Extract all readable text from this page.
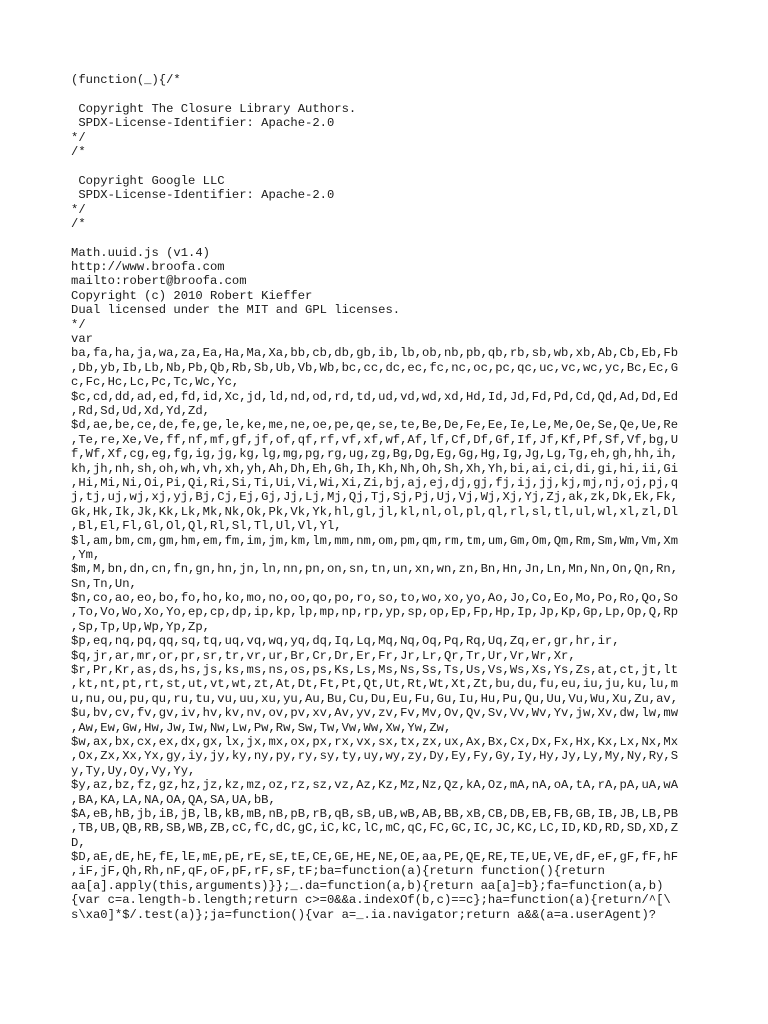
(function(_){/*
Copyright The Closure Library Authors.
SPDX-License-Identifier: Apache-2.0
*/
/*
Copyright Google LLC
SPDX-License-Identifier: Apache-2.0
*/
/*
Math.uuid.js (v1.4)
http://www.broofa.com
mailto:robert@broofa.com
Copyright (c) 2010 Robert Kieffer
Dual licensed under the MIT and GPL licenses.
*/
var
ba,fa,ha,ja,wa,za,Ea,Ha,Ma,Xa,bb,cb,db,gb,ib,lb,ob,nb,pb,qb,rb,sb,wb,xb,Ab,Cb,Eb,Fb
,Db,yb,Ib,Lb,Nb,Pb,Qb,Rb,Sb,Ub,Vb,Wb,bc,cc,dc,ec,fc,nc,oc,pc,qc,uc,vc,wc,yc,Bc,Ec,G
c,Fc,Hc,Lc,Pc,Tc,Wc,Yc,
$c,cd,dd,ad,ed,fd,id,Xc,jd,ld,nd,od,rd,td,ud,vd,wd,xd,Hd,Id,Jd,Fd,Pd,Cd,Qd,Ad,Dd,Ed
,Rd,Sd,Ud,Xd,Yd,Zd,
$d,ae,be,ce,de,fe,ge,le,ke,me,ne,oe,pe,qe,se,te,Be,De,Fe,Ee,Ie,Le,Me,Oe,Se,Qe,Ue,Re
,Te,re,Xe,Ve,ff,nf,mf,gf,jf,of,qf,rf,vf,xf,wf,Af,lf,Cf,Df,Gf,If,Jf,Kf,Pf,Sf,Vf,bg,U
f,Wf,Xf,cg,eg,fg,ig,jg,kg,lg,mg,pg,rg,ug,zg,Bg,Dg,Eg,Gg,Hg,Ig,Jg,Lg,Tg,eh,gh,hh,ih,
kh,jh,nh,sh,oh,wh,vh,xh,yh,Ah,Dh,Eh,Gh,Ih,Kh,Nh,Oh,Sh,Xh,Yh,bi,ai,ci,di,gi,hi,ii,Gi
,Hi,Mi,Ni,Oi,Pi,Qi,Ri,Si,Ti,Ui,Vi,Wi,Xi,Zi,bj,aj,ej,dj,gj,fj,ij,jj,kj,mj,nj,oj,pj,q
j,tj,uj,wj,xj,yj,Bj,Cj,Ej,Gj,Jj,Lj,Mj,Qj,Tj,Sj,Pj,Uj,Vj,Wj,Xj,Yj,Zj,ak,zk,Dk,Ek,Fk,
Gk,Hk,Ik,Jk,Kk,Lk,Mk,Nk,Ok,Pk,Vk,Yk,hl,gl,jl,kl,nl,ol,pl,ql,rl,sl,tl,ul,wl,xl,zl,Dl
,Bl,El,Fl,Gl,Ol,Ql,Rl,Sl,Tl,Ul,Vl,Yl,
$l,am,bm,cm,gm,hm,em,fm,im,jm,km,lm,mm,nm,om,pm,qm,rm,tm,um,Gm,Om,Qm,Rm,Sm,Wm,Vm,Xm
,Ym,
$m,M,bn,dn,cn,fn,gn,hn,jn,ln,nn,pn,on,sn,tn,un,xn,wn,zn,Bn,Hn,Jn,Ln,Mn,Nn,On,Qn,Rn,
Sn,Tn,Un,
$n,co,ao,eo,bo,fo,ho,ko,mo,no,oo,qo,po,ro,so,to,wo,xo,yo,Ao,Jo,Co,Eo,Mo,Po,Ro,Qo,So
,To,Vo,Wo,Xo,Yo,ep,cp,dp,ip,kp,lp,mp,np,rp,yp,sp,op,Ep,Fp,Hp,Ip,Jp,Kp,Gp,Lp,Op,Q,Rp
,Sp,Tp,Up,Wp,Yp,Zp,
$p,eq,nq,pq,qq,sq,tq,uq,vq,wq,yq,dq,Iq,Lq,Mq,Nq,Oq,Pq,Rq,Uq,Zq,er,gr,hr,ir,
$q,jr,ar,mr,or,pr,sr,tr,vr,ur,Br,Cr,Dr,Er,Fr,Jr,Lr,Qr,Tr,Ur,Vr,Wr,Xr,
$r,Pr,Kr,as,ds,hs,js,ks,ms,ns,os,ps,Ks,Ls,Ms,Ns,Ss,Ts,Us,Vs,Ws,Xs,Ys,Zs,at,ct,jt,lt
,kt,nt,pt,rt,st,ut,vt,wt,zt,At,Dt,Ft,Pt,Qt,Ut,Rt,Wt,Xt,Zt,bu,du,fu,eu,iu,ju,ku,lu,m
u,nu,ou,pu,qu,ru,tu,vu,uu,xu,yu,Au,Bu,Cu,Du,Eu,Fu,Gu,Iu,Hu,Pu,Qu,Uu,Vu,Wu,Xu,Zu,av,
$u,bv,cv,fv,gv,iv,hv,kv,nv,ov,pv,xv,Av,yv,zv,Fv,Mv,Ov,Qv,Sv,Vv,Wv,Yv,jw,Xv,dw,lw,mw
,Aw,Ew,Gw,Hw,Jw,Iw,Nw,Lw,Pw,Rw,Sw,Tw,Vw,Ww,Xw,Yw,Zw,
$w,ax,bx,cx,ex,dx,gx,lx,jx,mx,ox,px,rx,vx,sx,tx,zx,ux,Ax,Bx,Cx,Dx,Fx,Hx,Kx,Lx,Nx,Mx
,Ox,Zx,Xx,Yx,gy,iy,jy,ky,ny,py,ry,sy,ty,uy,wy,zy,Dy,Ey,Fy,Gy,Iy,Hy,Jy,Ly,My,Ny,Ry,S
y,Ty,Uy,Oy,Vy,Yy,
$y,az,bz,fz,gz,hz,jz,kz,mz,oz,rz,sz,vz,Az,Kz,Mz,Nz,Qz,kA,Oz,mA,nA,oA,tA,rA,pA,uA,wA
,BA,KA,LA,NA,OA,QA,SA,UA,bB,
$A,eB,hB,jb,iB,jB,lB,kB,mB,nB,pB,rB,qB,sB,uB,wB,AB,BB,xB,CB,DB,EB,FB,GB,IB,JB,LB,PB
,TB,UB,QB,RB,SB,WB,ZB,cC,fC,dC,gC,iC,kC,lC,mC,qC,FC,GC,IC,JC,KC,LC,ID,KD,RD,SD,XD,Z
D,
$D,aE,dE,hE,fE,lE,mE,pE,rE,sE,tE,CE,GE,HE,NE,OE,aa,PE,QE,RE,TE,UE,VE,dF,eF,gF,fF,hF
,iF,jF,Qh,Rh,nF,qF,oF,pF,rF,sF,tF;ba=function(a){return function(){return
aa[a].apply(this,arguments)}};_.da=function(a,b){return aa[a]=b};fa=function(a,b)
{var c=a.length-b.length;return c>=0&&a.indexOf(b,c)==c};ha=function(a){return/^[\
s\xa0]*$/.test(a)};ja=function(){var a=_.ia.navigator;return a&&(a=a.userAgent)?
